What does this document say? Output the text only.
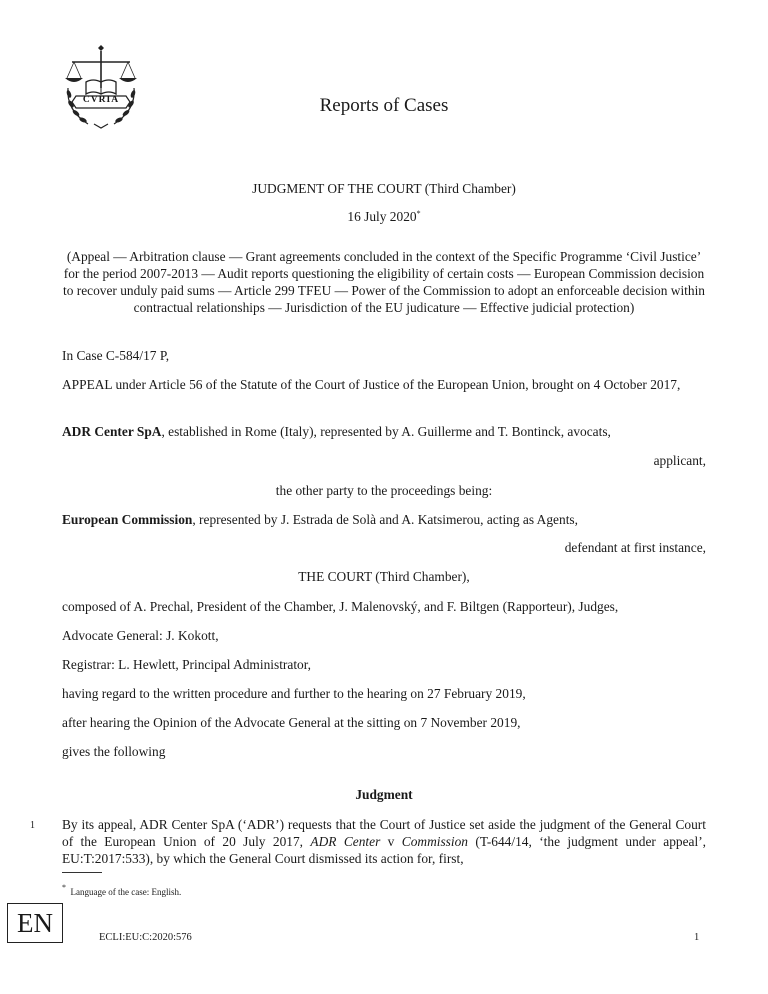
CVRIA	Reports of Cases
JUDGMENT OF THE COURT (Third Chamber)
16 July 2020*
(Appeal — Arbitration clause — Grant agreements concluded in the context of the Specific Programme ‘Civil Justice’ for the period 2007-2013 — Audit reports questioning the eligibility of certain costs — European Commission decision to recover unduly paid sums — Article 299 TFEU — Power of the Commission to adopt an enforceable decision within contractual relationships — Jurisdiction of the EU judicature — Effective judicial protection)
In Case C-584/17 P,
APPEAL under Article 56 of the Statute of the Court of Justice of the European Union, brought on 4 October 2017,
ADR Center SpA, established in Rome (Italy), represented by A. Guillerme and T. Bontinck, avocats,
applicant,
the other party to the proceedings being:
European Commission, represented by J. Estrada de Solà and A. Katsimerou, acting as Agents,
defendant at first instance,
THE COURT (Third Chamber),
composed of A. Prechal, President of the Chamber, J. Malenovský, and F. Biltgen (Rapporteur), Judges,
Advocate General: J. Kokott,
Registrar: L. Hewlett, Principal Administrator,
having regard to the written procedure and further to the hearing on 27 February 2019,
after hearing the Opinion of the Advocate General at the sitting on 7 November 2019,
gives the following
Judgment
1 By its appeal, ADR Center SpA (‘ADR’) requests that the Court of Justice set aside the judgment of the General Court of the European Union of 20 July 2017, ADR Center v Commission (T-644/14, ‘the judgment under appeal’, EU:T:2017:533), by which the General Court dismissed its action for, first,
* Language of the case: English.
EN	ECLI:EU:C:2020:576	1
